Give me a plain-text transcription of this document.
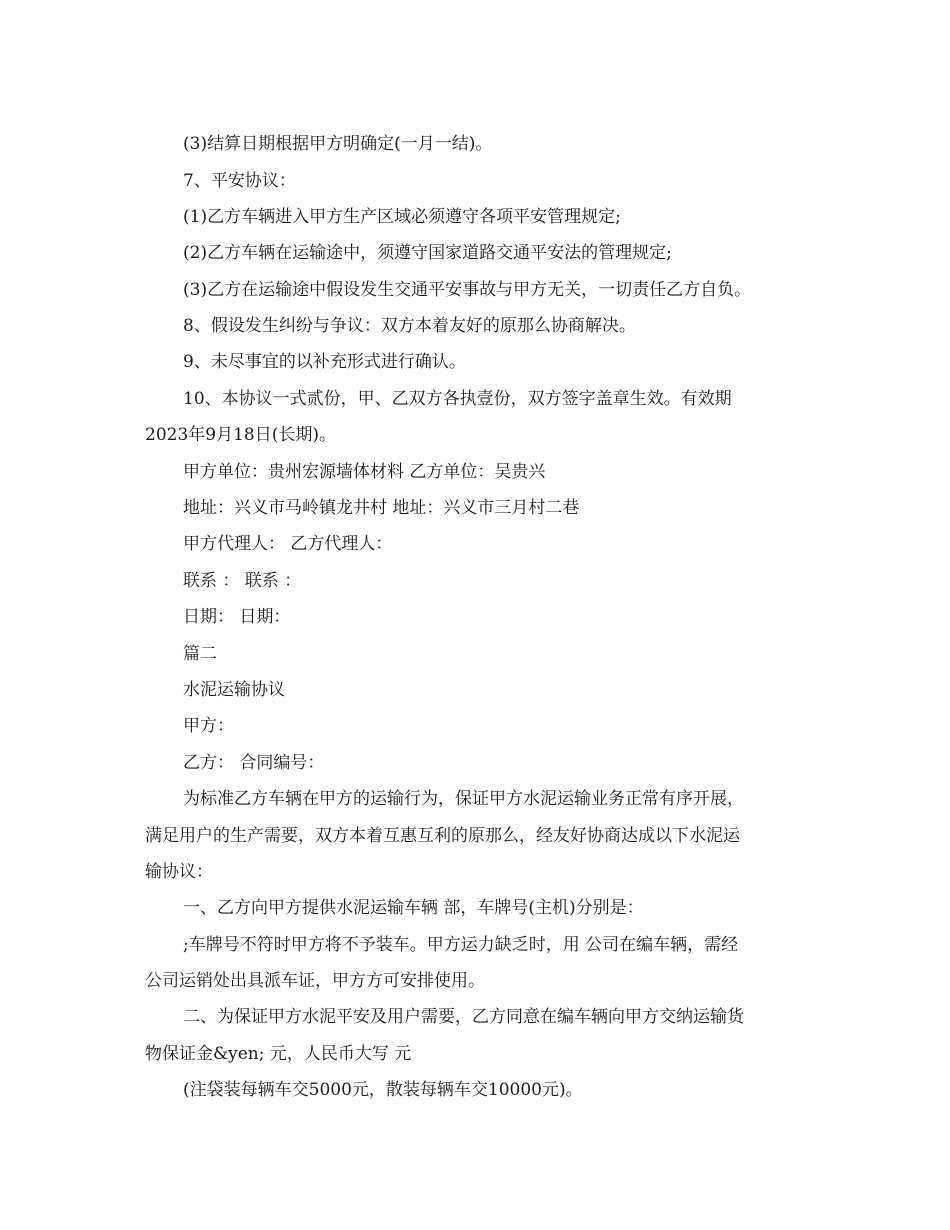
(3)结算日期根据甲方明确定(一月一结)。
7、平安协议：
(1)乙方车辆进入甲方生产区域必须遵守各项平安管理规定;
(2)乙方车辆在运输途中，须遵守国家道路交通平安法的管理规定;
(3)乙方在运输途中假设发生交通平安事故与甲方无关，一切责任乙方自负。
8、假设发生纠纷与争议：双方本着友好的原那么协商解决。
9、未尽事宜的以补充形式进行确认。
10、本协议一式贰份，甲、乙双方各执壹份，双方签字盖章生效。有效期
2023年9月18日(长期)。
甲方单位：贵州宏源墙体材料 乙方单位：吴贵兴
地址：兴义市马岭镇龙井村 地址：兴义市三月村二巷
甲方代理人： 乙方代理人：
联系 ： 联系 ：
日期： 日期：
篇二
水泥运输协议
甲方：
乙方： 合同编号：
为标准乙方车辆在甲方的运输行为，保证甲方水泥运输业务正常有序开展，
满足用户的生产需要，双方本着互惠互利的原那么，经友好协商达成以下水泥运
输协议：
一、乙方向甲方提供水泥运输车辆 部，车牌号(主机)分别是：
;车牌号不符时甲方将不予装车。甲方运力缺乏时，用 公司在编车辆，需经
公司运销处出具派车证，甲方方可安排使用。
二、为保证甲方水泥平安及用户需要，乙方同意在编车辆向甲方交纳运输货
物保证金&yen; 元，人民币大写 元
(注袋装每辆车交5000元，散装每辆车交10000元)。
